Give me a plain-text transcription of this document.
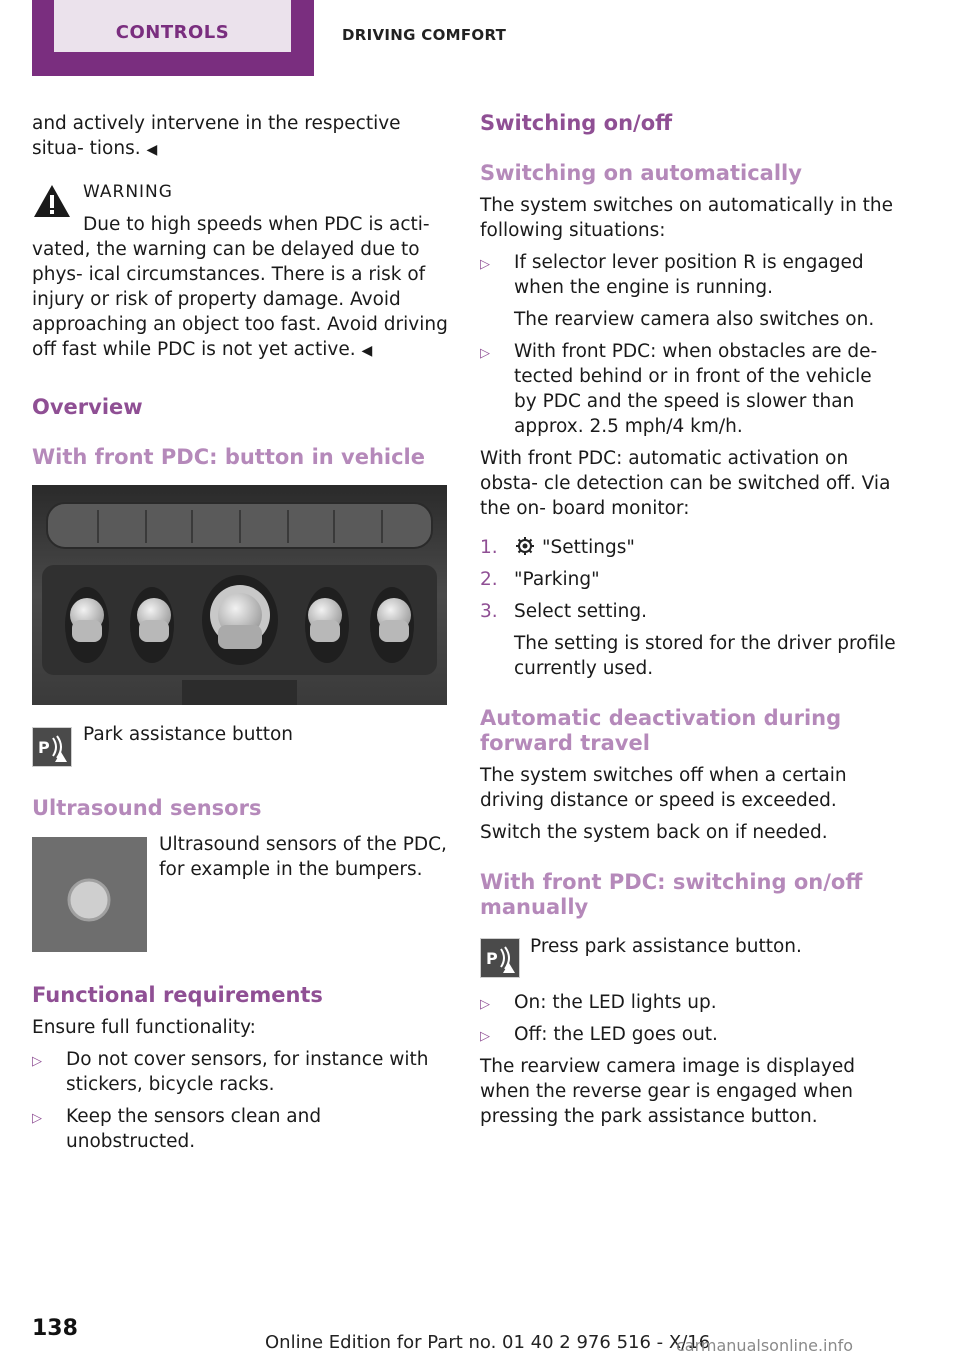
CONTROLS	DRIVING COMFORT

and actively intervene in the respective situa‐ tions. ◀

WARNING
Due to high speeds when PDC is acti‐

vated, the warning can be delayed due to phys‐ ical circumstances. There is a risk of injury or risk of property damage. Avoid approaching an object too fast. Avoid driving off fast while PDC is not yet active. ◀

Overview
With front PDC: button in vehicle
P

Park assistance button

Ultrasound sensors

Ultrasound sensors of the PDC, for example in the bumpers.

Functional requirements

Ensure full functionality:

▷ Do not cover sensors, for instance with stickers, bicycle racks.
▷ Keep the sensors clean and unobstructed.
Switching on/off
Switching on automatically

The system switches on automatically in the following situations:

▷ If selector lever position R is engaged when the engine is running.
The rearview camera also switches on.
▷ With front PDC: when obstacles are de‐ tected behind or in front of the vehicle by PDC and the speed is slower than approx. 2.5 mph/4 km/h.

With front PDC: automatic activation on obsta‐ cle detection can be switched off. Via the on‐ board monitor:

1. "Settings"
2. "Parking"
3. Select setting.
The setting is stored for the driver profile currently used.
Automatic deactivation during forward travel

The system switches off when a certain driving distance or speed is exceeded.

Switch the system back on if needed.

With front PDC: switching on/off manually
P

Press park assistance button.

▷ On: the LED lights up.
▷ Off: the LED goes out.

The rearview camera image is displayed when the reverse gear is engaged when pressing the park assistance button.

138
Online Edition for Part no. 01 40 2 976 516 - X/16
carmanualsonline.info
